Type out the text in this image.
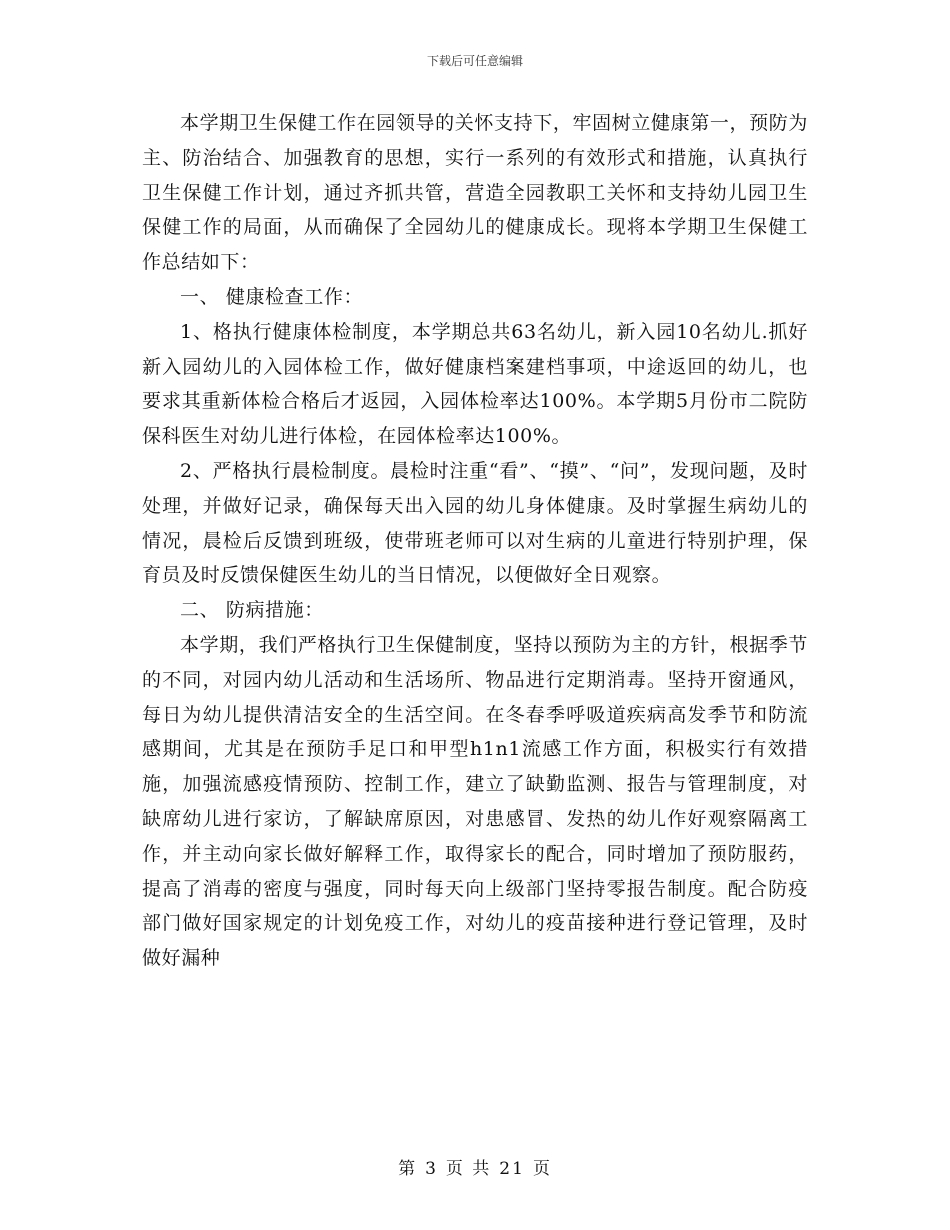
下载后可任意编辑

本学期卫生保健工作在园领导的关怀支持下，牢固树立健康第一，预防为主、防治结合、加强教育的思想，实行一系列的有效形式和措施，认真执行卫生保健工作计划，通过齐抓共管，营造全园教职工关怀和支持幼儿园卫生保健工作的局面，从而确保了全园幼儿的健康成长。现将本学期卫生保健工作总结如下：

一、 健康检查工作：

1、格执行健康体检制度，本学期总共63名幼儿，新入园10名幼儿.抓好新入园幼儿的入园体检工作，做好健康档案建档事项，中途返回的幼儿，也要求其重新体检合格后才返园，入园体检率达100%。本学期5月份市二院防保科医生对幼儿进行体检，在园体检率达100%。

2、严格执行晨检制度。晨检时注重“看”、“摸”、“问”，发现问题，及时处理，并做好记录，确保每天出入园的幼儿身体健康。及时掌握生病幼儿的情况，晨检后反馈到班级，使带班老师可以对生病的儿童进行特别护理，保育员及时反馈保健医生幼儿的当日情况，以便做好全日观察。

二、 防病措施：

本学期，我们严格执行卫生保健制度，坚持以预防为主的方针，根据季节的不同，对园内幼儿活动和生活场所、物品进行定期消毒。坚持开窗通风，每日为幼儿提供清洁安全的生活空间。在冬春季呼吸道疾病高发季节和防流感期间，尤其是在预防手足口和甲型h1n1流感工作方面，积极实行有效措施，加强流感疫情预防、控制工作，建立了缺勤监测、报告与管理制度，对缺席幼儿进行家访，了解缺席原因，对患感冒、发热的幼儿作好观察隔离工作，并主动向家长做好解释工作，取得家长的配合，同时增加了预防服药，提高了消毒的密度与强度，同时每天向上级部门坚持零报告制度。配合防疫部门做好国家规定的计划免疫工作，对幼儿的疫苗接种进行登记管理，及时做好漏种

第 3 页 共 21 页
